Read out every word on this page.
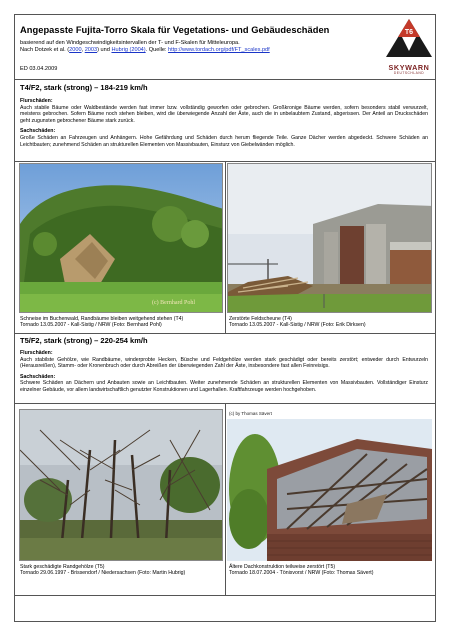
Angepasste Fujita-Torro Skala für Vegetations- und Gebäudeschäden
basierend auf den Windgeschwindigkeitsintervallen der T- und F-Skalen für Mitteleuropa.
Nach Dotzek et al. (2000, 2003) und Hubrig (2004). Quelle: http://www.tordach.org/pdf/FT_scales.pdf
ED 03.04.2009
T6
SKYWARN
DEUTSCHLAND
T4/F2, stark (strong) – 184-219 km/h
Flurschäden:
Auch stabile Bäume oder Waldbestände werden fast immer bzw. vollständig geworfen oder gebrochen. Großkronige Bäume werden, sofern besonders stabil verwurzelt, meistens gebrochen. Sofern Bäume noch stehen bleiben, wird die überwiegende Anzahl der Äste, auch die in unbelaubtem Zustand, abgerissen. Der Anteil an Druckschäden geht zugunsten gebrochener Bäume stark zurück.
Sachschäden:
Große Schäden an Fahrzeugen und Anhängern. Hohe Gefährdung und Schäden durch herum fliegende Teile. Ganze Dächer werden abgedeckt. Schwere Schäden an Leichtbauten; zunehmend Schäden an strukturellen Elementen von Massivbauten, Einsturz von Giebelwänden möglich.
(c) Bernhard Pohl
Schneise im Buchenwald, Randbäume bleiben weitgehend stehen (T4)
Tornado 13.05.2007 - Kall-Sistig / NRW (Foto: Bernhard Pohl)
Zerstörte Feldscheune (T4)
Tornado 13.05.2007 - Kall-Sistig / NRW (Foto: Erik Dirksen)
T5/F2, stark (strong) – 220-254 km/h
Flurschäden:
Auch stabilste Gehölze, wie Randbäume, winderprobte Hecken, Büsche und Feldgehölze werden stark geschädigt oder bereits zerstört; entweder durch Entwurzeln (Herausreißen), Stamm- oder Kronenbruch oder durch Abreißen der überwiegenden Zahl der Äste, insbesondere fast allen Feinreisigs.
Sachschäden:
Schwere Schäden an Dächern und Anbauten sowie an Leichtbauten. Weiter zunehmende Schäden an strukturellen Elementen von Massivbauten. Vollständiger Einsturz einzelner Gebäude, vor allem landwirtschaftlich genutzter Konstruktionen und Lagerhallen. Kraftfahrzeuge werden hochgehoben.
Stark geschädigte Randgehölze (T5)
Tornado 29.06.1997 - Brissendorf / Niedersachsen (Foto: Martin Hubrig)
(c) by Thomas Sävert
Ältere Dachkonstruktion teilweise zerstört (T5)
Tornado 18.07.2004 - Tönisvorst / NRW (Foto: Thomas Sävert)
